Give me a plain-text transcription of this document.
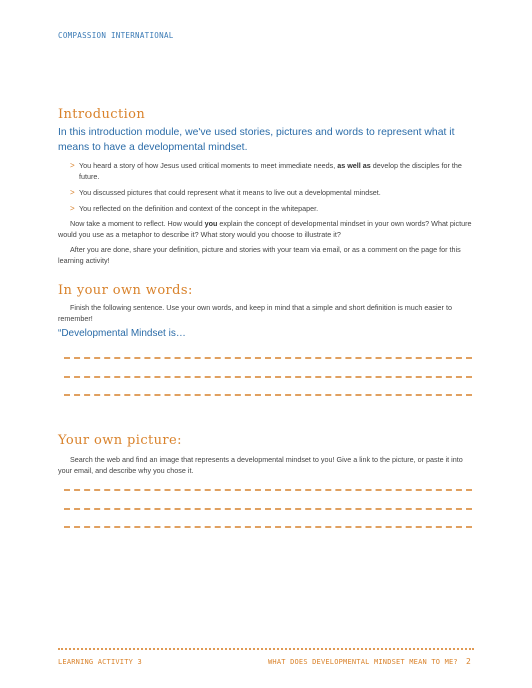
COMPASSION INTERNATIONAL
Introduction
In this introduction module, we've used stories, pictures and words to represent what it means to have a developmental mindset.
> You heard a story of how Jesus used critical moments to meet immediate needs, as well as develop the disciples for the future.
> You discussed pictures that could represent what it means to live out a developmental mindset.
> You reflected on the definition and context of the concept in the whitepaper.
Now take a moment to reflect. How would you explain the concept of developmental mindset in your own words? What picture would you use as a metaphor to describe it? What story would you choose to illustrate it?
After you are done, share your definition, picture and stories with your team via email, or as a comment on the page for this learning activity!
In your own words:
Finish the following sentence. Use your own words, and keep in mind that a simple and short definition is much easier to remember!
“Developmental Mindset is…
Your own picture:
Search the web and find an image that represents a developmental mindset to you! Give a link to the picture, or paste it into your email, and describe why you chose it.
LEARNING ACTIVITY 3	WHAT DOES DEVELOPMENTAL MINDSET MEAN TO ME? 2
